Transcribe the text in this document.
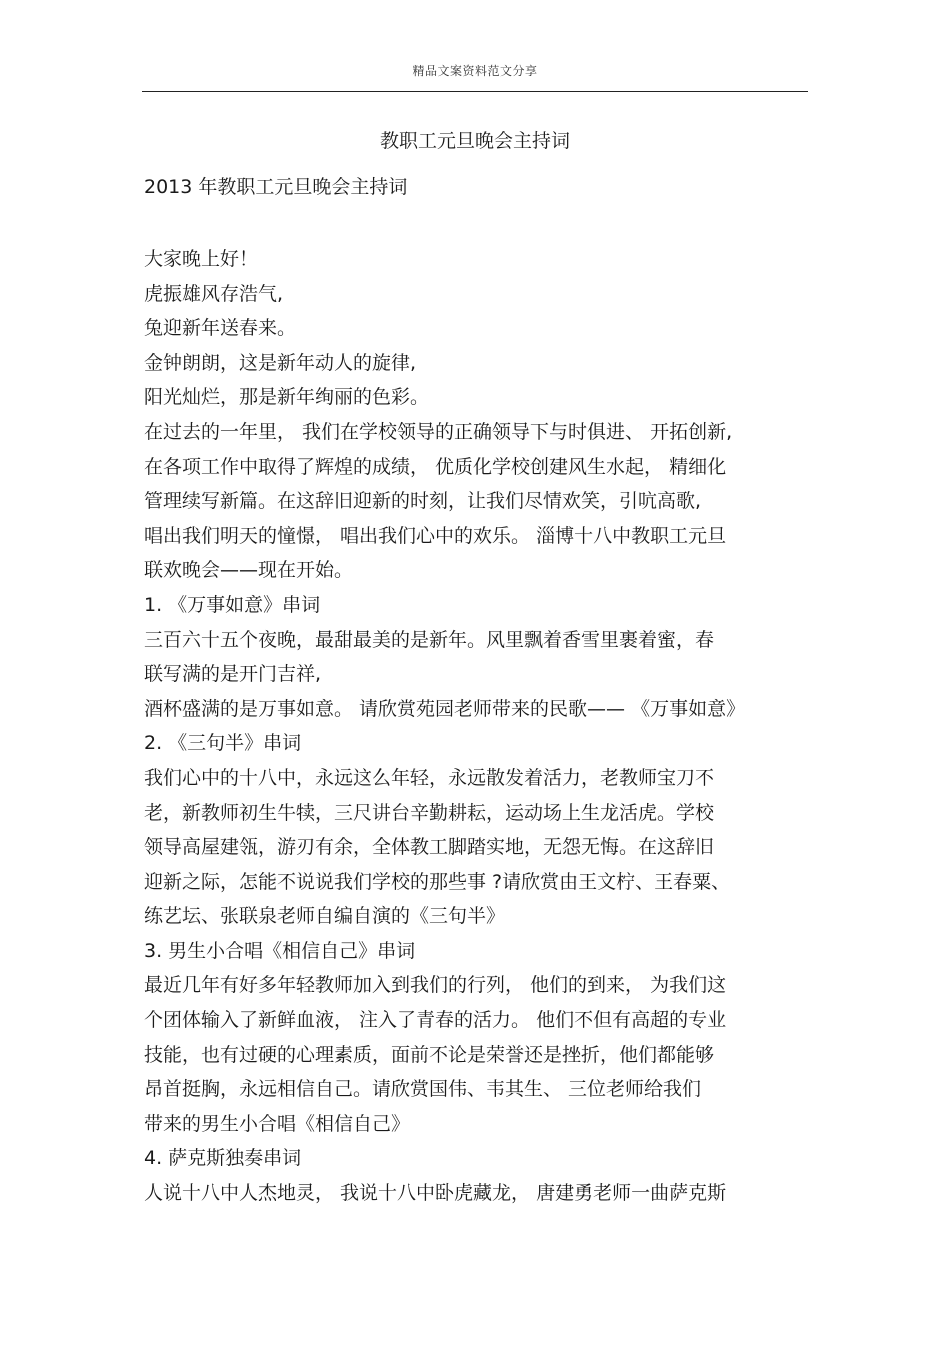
精品文案资料范文分享
教职工元旦晚会主持词
2013 年教职工元旦晚会主持词
大家晚上好！
虎振雄风存浩气,
兔迎新年送春来。
金钟朗朗，这是新年动人的旋律,
阳光灿烂，那是新年绚丽的色彩。
在过去的一年里， 我们在学校领导的正确领导下与时俱进、 开拓创新,
在各项工作中取得了辉煌的成绩， 优质化学校创建风生水起， 精细化
管理续写新篇。在这辞旧迎新的时刻，让我们尽情欢笑，引吭高歌,
唱出我们明天的憧憬， 唱出我们心中的欢乐。 淄博十八中教职工元旦
联欢晚会——现在开始。
1. 《万事如意》串词
三百六十五个夜晚，最甜最美的是新年。风里飘着香雪里裹着蜜，春
联写满的是开门吉祥,
酒杯盛满的是万事如意。 请欣赏苑园老师带来的民歌—— 《万事如意》
2. 《三句半》串词
我们心中的十八中，永远这么年轻，永远散发着活力，老教师宝刀不
老，新教师初生牛犊，三尺讲台辛勤耕耘，运动场上生龙活虎。学校
领导高屋建瓴，游刃有余，全体教工脚踏实地，无怨无悔。在这辞旧
迎新之际，怎能不说说我们学校的那些事 ?请欣赏由王文柠、王春粟、
练艺坛、张联泉老师自编自演的《三句半》
3. 男生小合唱《相信自己》串词
最近几年有好多年轻教师加入到我们的行列， 他们的到来， 为我们这
个团体输入了新鲜血液， 注入了青春的活力。 他们不但有高超的专业
技能，也有过硬的心理素质，面前不论是荣誉还是挫折，他们都能够
昂首挺胸，永远相信自己。请欣赏国伟、韦其生、 三位老师给我们
带来的男生小合唱《相信自己》
4. 萨克斯独奏串词
人说十八中人杰地灵， 我说十八中卧虎藏龙， 唐建勇老师一曲萨克斯
